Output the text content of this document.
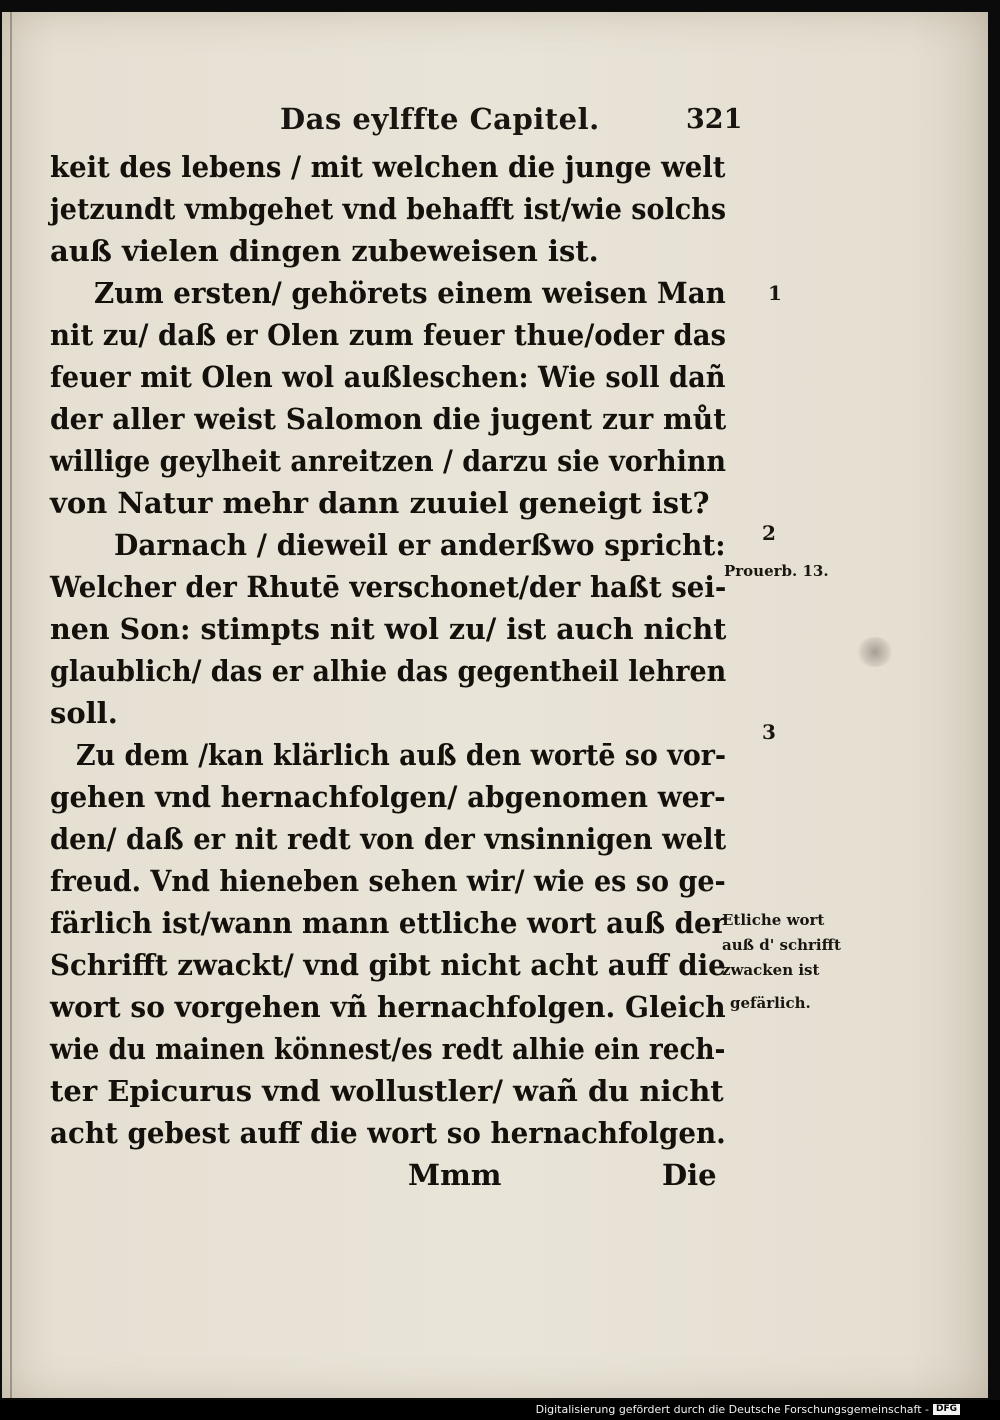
Das eylffte Capitel.	321
keit des lebens / mit welchen die junge welt
jetzundt vmbgehet vnd behafft ist/wie solchs
auß vielen dingen zubeweisen ist.
Zum ersten/ gehörets einem weisen Man
nit zu/ daß er Olen zum feuer thue/oder das
feuer mit Olen wol außleschen: Wie soll dañ
der aller weist Salomon die jugent zur můt
willige geylheit anreitzen / darzu sie vorhinn
von Natur mehr dann zuuiel geneigt ist?
Darnach / dieweil er anderßwo spricht:
Welcher der Rhutē verschonet/der haßt sei-
nen Son: stimpts nit wol zu/ ist auch nicht
glaublich/ das er alhie das gegentheil lehren
soll.
Zu dem /kan klärlich auß den wortē so vor-
gehen vnd hernachfolgen/ abgenomen wer-
den/ daß er nit redt von der vnsinnigen welt
freud. Vnd hieneben sehen wir/ wie es so ge-
färlich ist/wann mann ettliche wort auß der
Schrifft zwackt/ vnd gibt nicht acht auff die
wort so vorgehen vñ hernachfolgen. Gleich
wie du mainen könnest/es redt alhie ein rech-
ter Epicurus vnd wollustler/ wañ du nicht
acht gebest auff die wort so hernachfolgen.
Mmm	Die
1
2
Prouerb. 13.
3
Etliche wort
auß d' schrifft
zwacken ist
gefärlich.
Digitalisierung gefördert durch die Deutsche Forschungsgemeinschaft - DFG
